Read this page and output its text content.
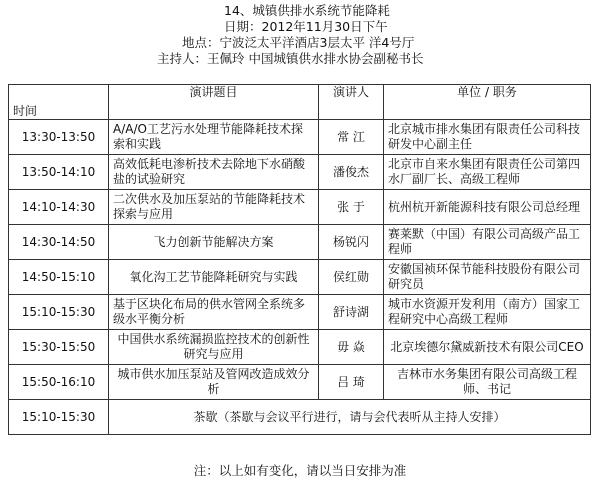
14、城镇供排水系统节能降耗
日期：2012年11月30日下午
地点：宁波泛太平洋酒店3层太平 洋4号厅
主持人：王佩玲 中国城镇供水排水协会副秘书长
时间	演讲题目	演讲人	单位 / 职务
13:30-13:50	A/A/O工艺污水处理节能降耗技术探索和实践	常 江	北京城市排水集团有限责任公司科技研发中心副主任
13:50-14:10	高效低耗电渗析技术去除地下水硝酸盐的试验研究	潘俊杰	北京市自来水集团有限责任公司第四水厂副厂长、高级工程师
14:10-14:30	二次供水及加压泵站的节能降耗技术探索与应用	张 于	杭州杭开新能源科技有限公司总经理
14:30-14:50	飞力创新节能解决方案	杨锐闪	赛莱默（中国）有限公司高级产品工程师
14:50-15:10	氧化沟工艺节能降耗研究与实践	侯红勋	安徽国祯环保节能科技股份有限公司研究员
15:10-15:30	基于区块化布局的供水管网全系统多级水平衡分析	舒诗湖	城市水资源开发利用（南方）国家工程研究中心高级工程师
15:30-15:50	中国供水系统漏损监控技术的创新性研究与应用	毋 焱	北京埃德尔黛威新技术有限公司CEO
15:50-16:10	城市供水加压泵站及管网改造成效分析	吕 琦	吉林市水务集团有限公司高级工程师、书记
15:10-15:30	茶歇（茶歇与会议平行进行，请与会代表听从主持人安排）		
注：以上如有变化，请以当日安排为准
